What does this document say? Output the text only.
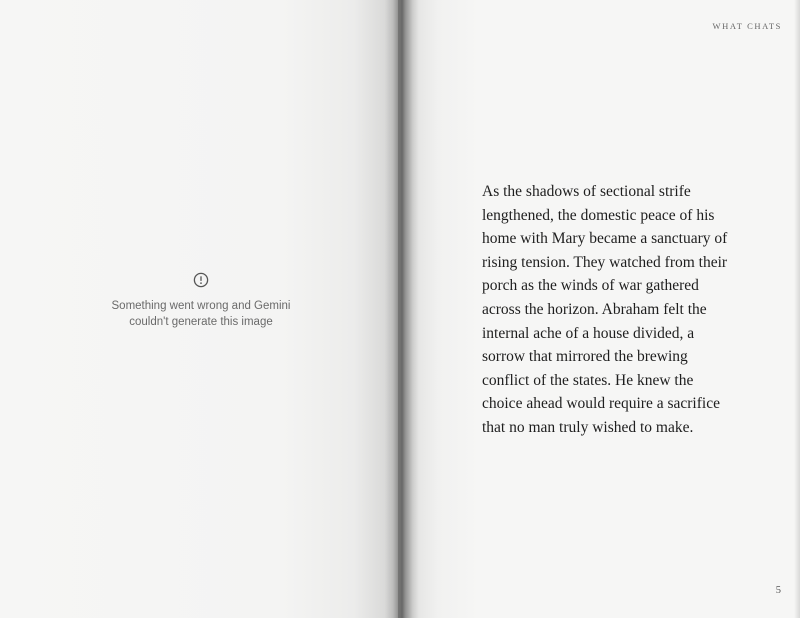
Something went wrong and Gemini
couldn't generate this image
WHAT CHATS
As the shadows of sectional strife
lengthened, the domestic peace of his
home with Mary became a sanctuary of
rising tension. They watched from their
porch as the winds of war gathered
across the horizon. Abraham felt the
internal ache of a house divided, a
sorrow that mirrored the brewing
conflict of the states. He knew the
choice ahead would require a sacrifice
that no man truly wished to make.
5
